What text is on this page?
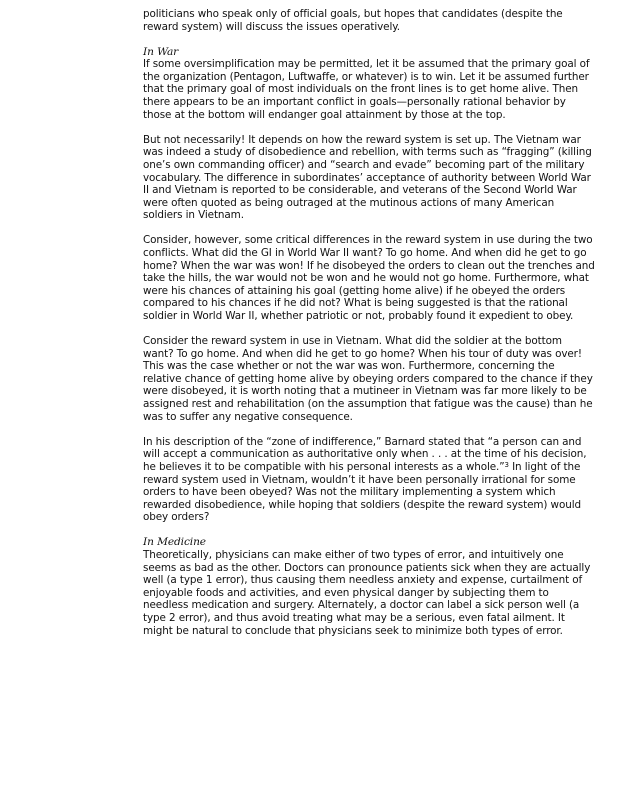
politicians who speak only of official goals, but hopes that candidates (despite the reward system) will discuss the issues operatively.

In War
If some oversimplification may be permitted, let it be assumed that the primary goal of the organization (Pentagon, Luftwaffe, or whatever) is to win. Let it be assumed further that the primary goal of most individuals on the front lines is to get home alive. Then there appears to be an important conflict in goals—personally rational behavior by those at the bottom will endanger goal attainment by those at the top.

But not necessarily! It depends on how the reward system is set up. The Vietnam war was indeed a study of disobedience and rebellion, with terms such as “fragging” (killing one’s own commanding officer) and “search and evade” becoming part of the military vocabulary. The difference in subordinates’ acceptance of authority between World War II and Vietnam is reported to be considerable, and veterans of the Second World War were often quoted as being outraged at the mutinous actions of many American soldiers in Vietnam.

Consider, however, some critical differences in the reward system in use during the two conflicts. What did the GI in World War II want? To go home. And when did he get to go home? When the war was won! If he disobeyed the orders to clean out the trenches and take the hills, the war would not be won and he would not go home. Furthermore, what were his chances of attaining his goal (getting home alive) if he obeyed the orders compared to his chances if he did not? What is being suggested is that the rational soldier in World War II, whether patriotic or not, probably found it expedient to obey.

Consider the reward system in use in Vietnam. What did the soldier at the bottom want? To go home. And when did he get to go home? When his tour of duty was over! This was the case whether or not the war was won. Furthermore, concerning the relative chance of getting home alive by obeying orders compared to the chance if they were disobeyed, it is worth noting that a mutineer in Vietnam was far more likely to be assigned rest and rehabilitation (on the assumption that fatigue was the cause) than he was to suffer any negative consequence.

In his description of the “zone of indifference,” Barnard stated that “a person can and will accept a communication as authoritative only when . . . at the time of his decision, he believes it to be compatible with his personal interests as a whole.”$^3$ In light of the reward system used in Vietnam, wouldn’t it have been personally irrational for some orders to have been obeyed? Was not the military implementing a system which rewarded disobedience, while hoping that soldiers (despite the reward system) would obey orders?

In Medicine
Theoretically, physicians can make either of two types of error, and intuitively one seems as bad as the other. Doctors can pronounce patients sick when they are actually well (a type 1 error), thus causing them needless anxiety and expense, curtailment of enjoyable foods and activities, and even physical danger by subjecting them to needless medication and surgery. Alternately, a doctor can label a sick person well (a type 2 error), and thus avoid treating what may be a serious, even fatal ailment. It might be natural to conclude that physicians seek to minimize both types of error.
